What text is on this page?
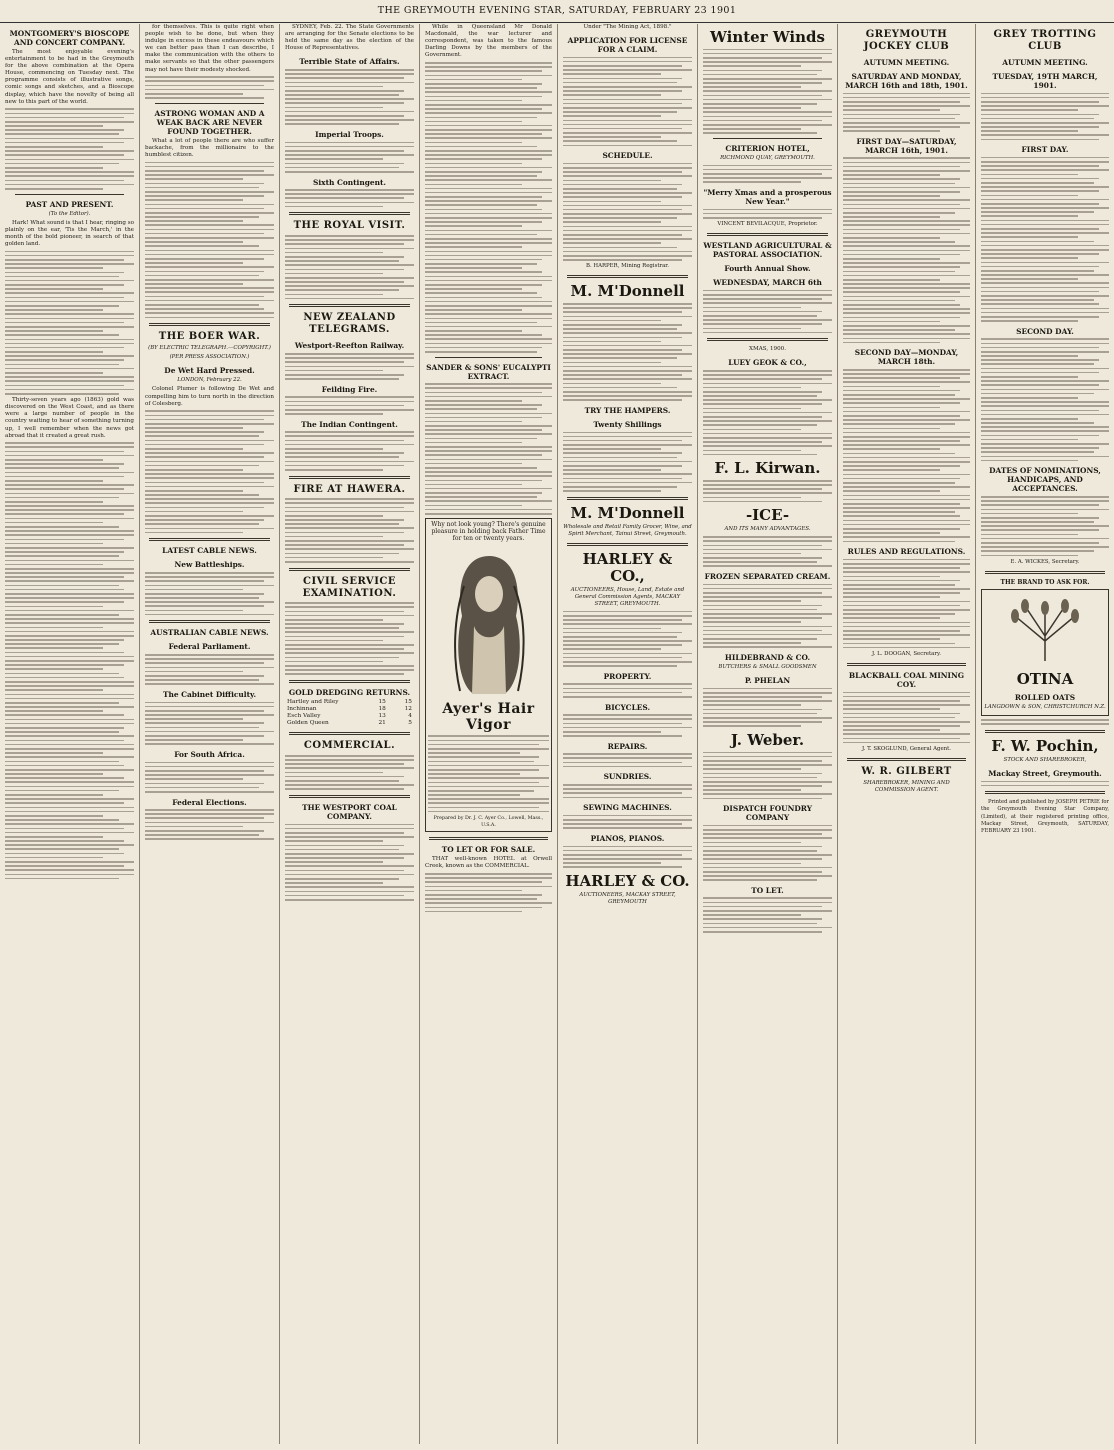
THE GREYMOUTH EVENING STAR, SATURDAY, FEBRUARY 23 1901
MONTGOMERY'S BIOSCOPE AND CONCERT COMPANY.

The most enjoyable evening's entertainment to be had in the Greymouth for the above combination at the Opera House, commencing on Tuesday next. The programme consists of illustrative songs, comic songs and sketches, and a Bioscope display, which have the novelty of being all new to this part of the world.

PAST AND PRESENT.
(To the Editor).

Hark! What sound is that I hear, ringing so plainly on the ear, 'Tis the March,' in the month of the bold pioneer, in search of that golden land.

Thirty-seven years ago (1863) gold was discovered on the West Coast, and as there were a large number of people in the country waiting to hear of something turning up, I well remember when the news got abroad that it created a great rush.

for themselves. This is quite right when people wish to be done, but when they indulge in excess in these endeavours which we can better pass than I can describe, I make the communication with the others to make servants so that the other passengers may not have their modesty shocked.

ASTRONG WOMAN AND A WEAK BACK ARE NEVER FOUND TOGETHER.

What a lot of people there are who suffer backache, from the millionaire to the humblest citizen.

THE BOER WAR.
(BY ELECTRIC TELEGRAPH.—COPYRIGHT.)
(PER PRESS ASSOCIATION.)
De Wet Hard Pressed.
LONDON, February 22.

Colonel Plumer is following De Wet and compelling him to turn north in the direction of Colesberg.

LATEST CABLE NEWS.
New Battleships.
AUSTRALIAN CABLE NEWS.
Federal Parliament.
The Cabinet Difficulty.
For South Africa.
Federal Elections.

SYDNEY, Feb. 22. The State Governments are arranging for the Senate elections to be held the same day as the election of the House of Representatives.

Terrible State of Affairs.
Imperial Troops.
Sixth Contingent.
THE ROYAL VISIT.
NEW ZEALAND TELEGRAMS.
Westport-Reefton Railway.
Feilding Fire.
The Indian Contingent.
FIRE AT HAWERA.
CIVIL SERVICE EXAMINATION.
GOLD DREDGING RETURNS.
Hartley and Riley	15	15
Inchinnan	18	12
Esch Valley	13	4
Golden Queen	21	5
COMMERCIAL.
THE WESTPORT COAL COMPANY.

While in Queensland Mr Donald Macdonald, the war lecturer and correspondent, was taken to the famous Darling Downs by the members of the Government.

SANDER & SONS' EUCALYPTI EXTRACT.
Why not look young? There's genuine pleasure in holding back Father Time for ten or twenty years.
Ayer's Hair Vigor
Prepared by Dr. J. C. Ayer Co., Lowell, Mass., U.S.A.
TO LET OR FOR SALE.

THAT well-known HOTEL at Orwell Creek, known as the COMMERCIAL.

Under "The Mining Act, 1898."
APPLICATION FOR LICENSE FOR A CLAIM.
SCHEDULE.
B. HARPER, Mining Registrar.
M. M'Donnell
TRY THE HAMPERS.
Twenty Shillings
M. M'Donnell
Wholesale and Retail Family Grocer, Wine, and Spirit Merchant, Tainui Street, Greymouth.
HARLEY & CO.,
AUCTIONEERS, House, Land, Estate and General Commission Agents, MACKAY STREET, GREYMOUTH.
PROPERTY.
BICYCLES.
REPAIRS.
SUNDRIES.
SEWING MACHINES.
PIANOS, PIANOS.
HARLEY & CO.
AUCTIONEERS, MACKAY STREET, GREYMOUTH
Winter Winds
CRITERION HOTEL,
RICHMOND QUAY, GREYMOUTH.
"Merry Xmas and a prosperous New Year."
VINCENT BEVILACQUE, Proprietor.
WESTLAND AGRICULTURAL & PASTORAL ASSOCIATION.
Fourth Annual Show.
WEDNESDAY, MARCH 6th
XMAS, 1900.
LUEY GEOK & CO.,
F. L. Kirwan.
-ICE-
AND ITS MANY ADVANTAGES.
FROZEN SEPARATED CREAM.
HILDEBRAND & CO.
BUTCHERS & SMALL GOODSMEN
P. PHELAN
J. Weber.
DISPATCH FOUNDRY COMPANY
TO LET.
GREYMOUTH JOCKEY CLUB
AUTUMN MEETING.
SATURDAY AND MONDAY, MARCH 16th and 18th, 1901.
FIRST DAY—SATURDAY, MARCH 16th, 1901.
SECOND DAY—MONDAY, MARCH 18th.
RULES AND REGULATIONS.
J. L. DOOGAN, Secretary.
BLACKBALL COAL MINING COY.
J. T. SKOGLUND, General Agent.
W. R. GILBERT
SHAREBROKER, MINING AND COMMISSION AGENT.
GREY TROTTING CLUB
AUTUMN MEETING.
TUESDAY, 19TH MARCH, 1901.
FIRST DAY.
SECOND DAY.
DATES OF NOMINATIONS, HANDICAPS, AND ACCEPTANCES.
E. A. WICKES, Secretary.
THE BRAND TO ASK FOR.
OTINA
ROLLED OATS
LANGDOWN & SON, CHRISTCHURCH N.Z.
F. W. Pochin,
STOCK AND SHAREBROKER,
Mackay Street, Greymouth.

Printed and published by JOSEPH PETRIE for the Greymouth Evening Star Company, (Limited), at their registered printing office, Mackay Street, Greymouth, SATURDAY, FEBRUARY 23 1901.
